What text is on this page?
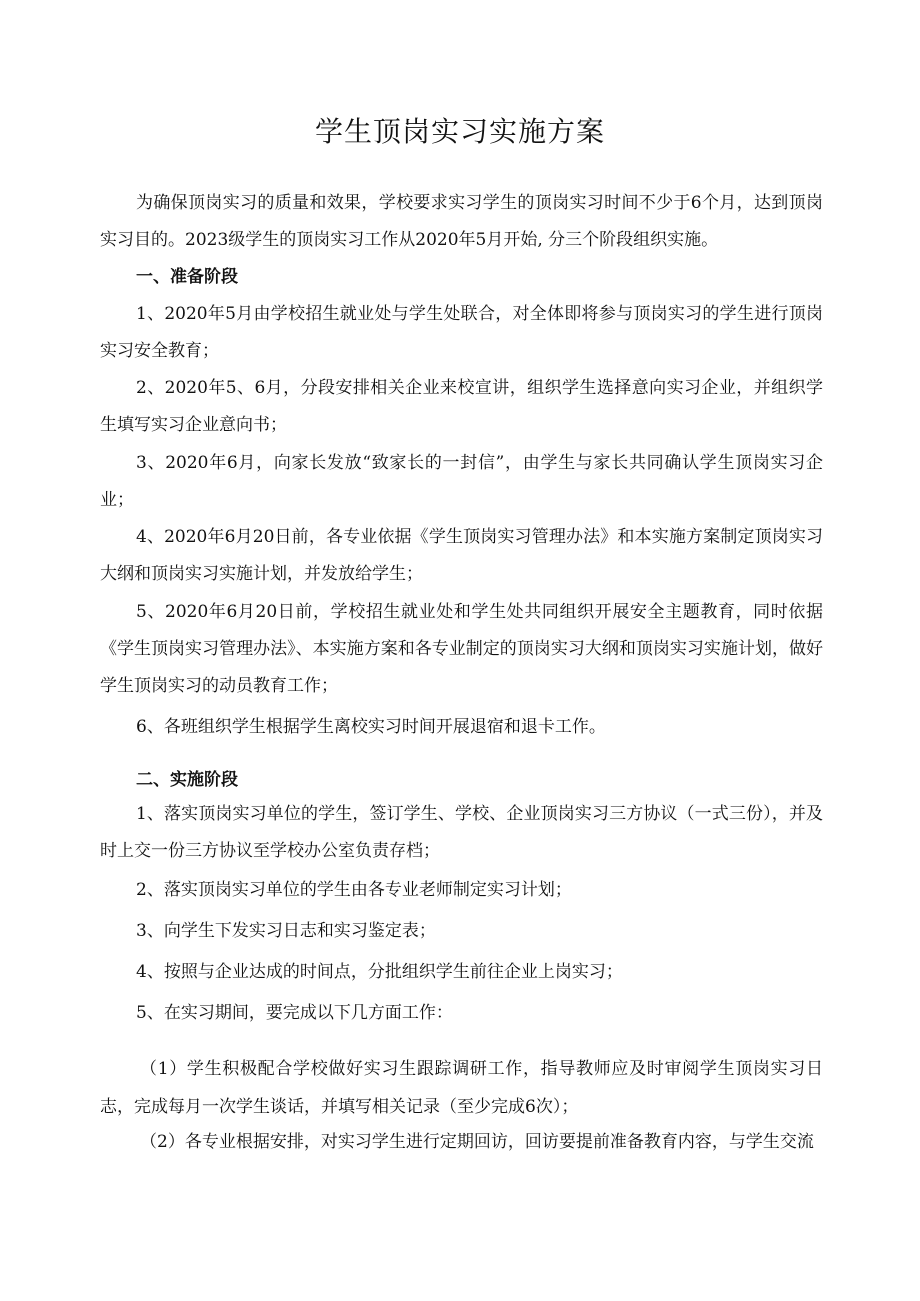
学生顶岗实习实施方案

为确保顶岗实习的质量和效果，学校要求实习学生的顶岗实习时间不少于6个月，达到顶岗实习目的。2023级学生的顶岗实习工作从2020年5月开始, 分三个阶段组织实施。

一、准备阶段

1、2020年5月由学校招生就业处与学生处联合，对全体即将参与顶岗实习的学生进行顶岗实习安全教育；

2、2020年5、6月，分段安排相关企业来校宣讲，组织学生选择意向实习企业，并组织学生填写实习企业意向书；

3、2020年6月，向家长发放“致家长的一封信”，由学生与家长共同确认学生顶岗实习企业；

4、2020年6月20日前，各专业依据《学生顶岗实习管理办法》和本实施方案制定顶岗实习大纲和顶岗实习实施计划，并发放给学生；

5、2020年6月20日前，学校招生就业处和学生处共同组织开展安全主题教育，同时依据《学生顶岗实习管理办法》、本实施方案和各专业制定的顶岗实习大纲和顶岗实习实施计划，做好学生顶岗实习的动员教育工作；

6、各班组织学生根据学生离校实习时间开展退宿和退卡工作。

二、实施阶段

1、落实顶岗实习单位的学生，签订学生、学校、企业顶岗实习三方协议（一式三份），并及时上交一份三方协议至学校办公室负责存档；

2、落实顶岗实习单位的学生由各专业老师制定实习计划；

3、向学生下发实习日志和实习鉴定表；

4、按照与企业达成的时间点，分批组织学生前往企业上岗实习；

5、在实习期间，要完成以下几方面工作：

（1）学生积极配合学校做好实习生跟踪调研工作，指导教师应及时审阅学生顶岗实习日志，完成每月一次学生谈话，并填写相关记录（至少完成6次）；

（2）各专业根据安排，对实习学生进行定期回访，回访要提前准备教育内容，与学生交流
